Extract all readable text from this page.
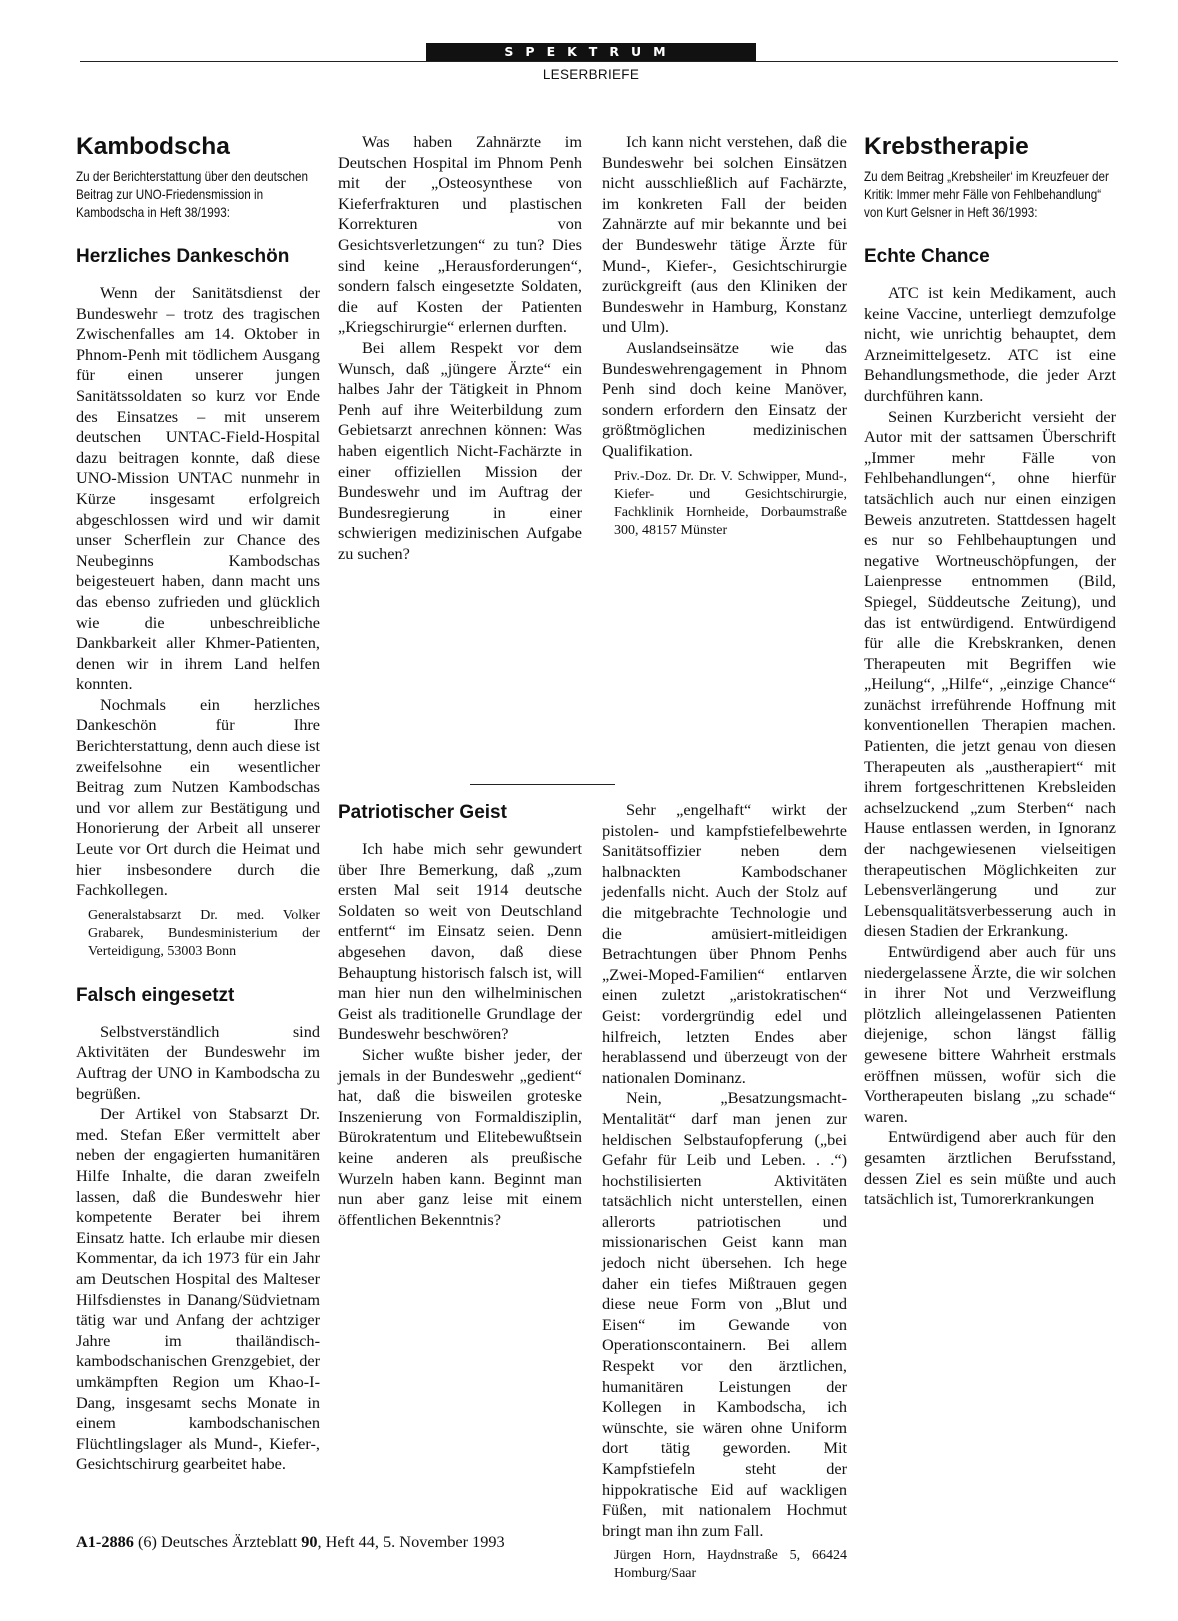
SPEKTRUM
LESERBRIEFE
Kambodscha
Zu der Berichterstattung über den deutschen Beitrag zur UNO-Friedensmission in Kambodscha in Heft 38/1993:
Herzliches Dankeschön

Wenn der Sanitätsdienst der Bundeswehr – trotz des tragischen Zwischenfalles am 14. Oktober in Phnom-Penh mit tödlichem Ausgang für einen unserer jungen Sanitätssoldaten so kurz vor Ende des Einsatzes – mit unserem deutschen UNTAC-Field-Hospital dazu beitragen konnte, daß diese UNO-Mission UNTAC nunmehr in Kürze insgesamt erfolgreich abgeschlossen wird und wir damit unser Scherflein zur Chance des Neubeginns Kambodschas beigesteuert haben, dann macht uns das ebenso zufrieden und glücklich wie die unbeschreibliche Dankbarkeit aller Khmer-Patienten, denen wir in ihrem Land helfen konnten.

Nochmals ein herzliches Dankeschön für Ihre Berichterstattung, denn auch diese ist zweifelsohne ein wesentlicher Beitrag zum Nutzen Kambodschas und vor allem zur Bestätigung und Honorierung der Arbeit all unserer Leute vor Ort durch die Heimat und hier insbesondere durch die Fachkollegen.

Generalstabsarzt Dr. med. Volker Grabarek, Bundesministerium der Verteidigung, 53003 Bonn
Falsch eingesetzt

Selbstverständlich sind Aktivitäten der Bundeswehr im Auftrag der UNO in Kambodscha zu begrüßen.

Der Artikel von Stabsarzt Dr. med. Stefan Eßer vermittelt aber neben der engagierten humanitären Hilfe Inhalte, die daran zweifeln lassen, daß die Bundeswehr hier kompetente Berater bei ihrem Einsatz hatte. Ich erlaube mir diesen Kommentar, da ich 1973 für ein Jahr am Deutschen Hospital des Malteser Hilfsdienstes in Danang/Südvietnam tätig war und Anfang der achtziger Jahre im thailändisch-kambodschanischen Grenzgebiet, der umkämpften Region um Khao-I-Dang, insgesamt sechs Monate in einem kambodschanischen Flüchtlingslager als Mund-, Kiefer-, Gesichtschirurg gearbeitet habe.

Was haben Zahnärzte im Deutschen Hospital im Phnom Penh mit der „Osteosynthese von Kieferfrakturen und plastischen Korrekturen von Gesichtsverletzungen“ zu tun? Dies sind keine „Herausforderungen“, sondern falsch eingesetzte Soldaten, die auf Kosten der Patienten „Kriegschirurgie“ erlernen durften.

Bei allem Respekt vor dem Wunsch, daß „jüngere Ärzte“ ein halbes Jahr der Tätigkeit in Phnom Penh auf ihre Weiterbildung zum Gebietsarzt anrechnen können: Was haben eigentlich Nicht-Fachärzte in einer offiziellen Mission der Bundeswehr und im Auftrag der Bundesregierung in einer schwierigen medizinischen Aufgabe zu suchen?

Ich kann nicht verstehen, daß die Bundeswehr bei solchen Einsätzen nicht ausschließlich auf Fachärzte, im konkreten Fall der beiden Zahnärzte auf mir bekannte und bei der Bundeswehr tätige Ärzte für Mund-, Kiefer-, Gesichtschirurgie zurückgreift (aus den Kliniken der Bundeswehr in Hamburg, Konstanz und Ulm).

Auslandseinsätze wie das Bundeswehrengagement in Phnom Penh sind doch keine Manöver, sondern erfordern den Einsatz der größtmöglichen medizinischen Qualifikation.

Priv.-Doz. Dr. Dr. V. Schwipper, Mund-, Kiefer- und Gesichtschirurgie, Fachklinik Hornheide, Dorbaumstraße 300, 48157 Münster
Patriotischer Geist

Ich habe mich sehr gewundert über Ihre Bemerkung, daß „zum ersten Mal seit 1914 deutsche Soldaten so weit von Deutschland entfernt“ im Einsatz seien. Denn abgesehen davon, daß diese Behauptung historisch falsch ist, will man hier nun den wilhelminischen Geist als traditionelle Grundlage der Bundeswehr beschwören?

Sicher wußte bisher jeder, der jemals in der Bundeswehr „gedient“ hat, daß die bisweilen groteske Inszenierung von Formaldisziplin, Bürokratentum und Elitebewußtsein keine anderen als preußische Wurzeln haben kann. Beginnt man nun aber ganz leise mit einem öffentlichen Bekenntnis?

Sehr „engelhaft“ wirkt der pistolen- und kampfstiefelbewehrte Sanitätsoffizier neben dem halbnackten Kambodschaner jedenfalls nicht. Auch der Stolz auf die mitgebrachte Technologie und die amüsiert-mitleidigen Betrachtungen über Phnom Penhs „Zwei-Moped-Familien“ entlarven einen zuletzt „aristokratischen“ Geist: vordergründig edel und hilfreich, letzten Endes aber herablassend und überzeugt von der nationalen Dominanz.

Nein, „Besatzungsmacht-Mentalität“ darf man jenen zur heldischen Selbstaufopferung („bei Gefahr für Leib und Leben. . .“) hochstilisierten Aktivitäten tatsächlich nicht unterstellen, einen allerorts patriotischen und missionarischen Geist kann man jedoch nicht übersehen. Ich hege daher ein tiefes Mißtrauen gegen diese neue Form von „Blut und Eisen“ im Gewande von Operationscontainern. Bei allem Respekt vor den ärztlichen, humanitären Leistungen der Kollegen in Kambodscha, ich wünschte, sie wären ohne Uniform dort tätig geworden. Mit Kampfstiefeln steht der hippokratische Eid auf wackligen Füßen, mit nationalem Hochmut bringt man ihn zum Fall.

Jürgen Horn, Haydnstraße 5, 66424 Homburg/Saar
Krebstherapie
Zu dem Beitrag „Krebsheiler‘ im Kreuzfeuer der Kritik: Immer mehr Fälle von Fehlbehandlung“ von Kurt Gelsner in Heft 36/1993:
Echte Chance

ATC ist kein Medikament, auch keine Vaccine, unterliegt demzufolge nicht, wie unrichtig behauptet, dem Arzneimittelgesetz. ATC ist eine Behandlungsmethode, die jeder Arzt durchführen kann.

Seinen Kurzbericht versieht der Autor mit der sattsamen Überschrift „Immer mehr Fälle von Fehlbehandlungen“, ohne hierfür tatsächlich auch nur einen einzigen Beweis anzutreten. Stattdessen hagelt es nur so Fehlbehauptungen und negative Wortneuschöpfungen, der Laienpresse entnommen (Bild, Spiegel, Süddeutsche Zeitung), und das ist entwürdigend. Entwürdigend für alle die Krebskranken, denen Therapeuten mit Begriffen wie „Heilung“, „Hilfe“, „einzige Chance“ zunächst irreführende Hoffnung mit konventionellen Therapien machen. Patienten, die jetzt genau von diesen Therapeuten als „austherapiert“ mit ihrem fortgeschrittenen Krebsleiden achselzuckend „zum Sterben“ nach Hause entlassen werden, in Ignoranz der nachgewiesenen vielseitigen therapeutischen Möglichkeiten zur Lebensverlängerung und zur Lebensqualitätsverbesserung auch in diesen Stadien der Erkrankung.

Entwürdigend aber auch für uns niedergelassene Ärzte, die wir solchen in ihrer Not und Verzweiflung plötzlich alleingelassenen Patienten diejenige, schon längst fällig gewesene bittere Wahrheit erstmals eröffnen müssen, wofür sich die Vortherapeuten bislang „zu schade“ waren.

Entwürdigend aber auch für den gesamten ärztlichen Berufsstand, dessen Ziel es sein müßte und auch tatsächlich ist, Tumorerkrankungen

A1-2886 (6) Deutsches Ärzteblatt 90, Heft 44, 5. November 1993
